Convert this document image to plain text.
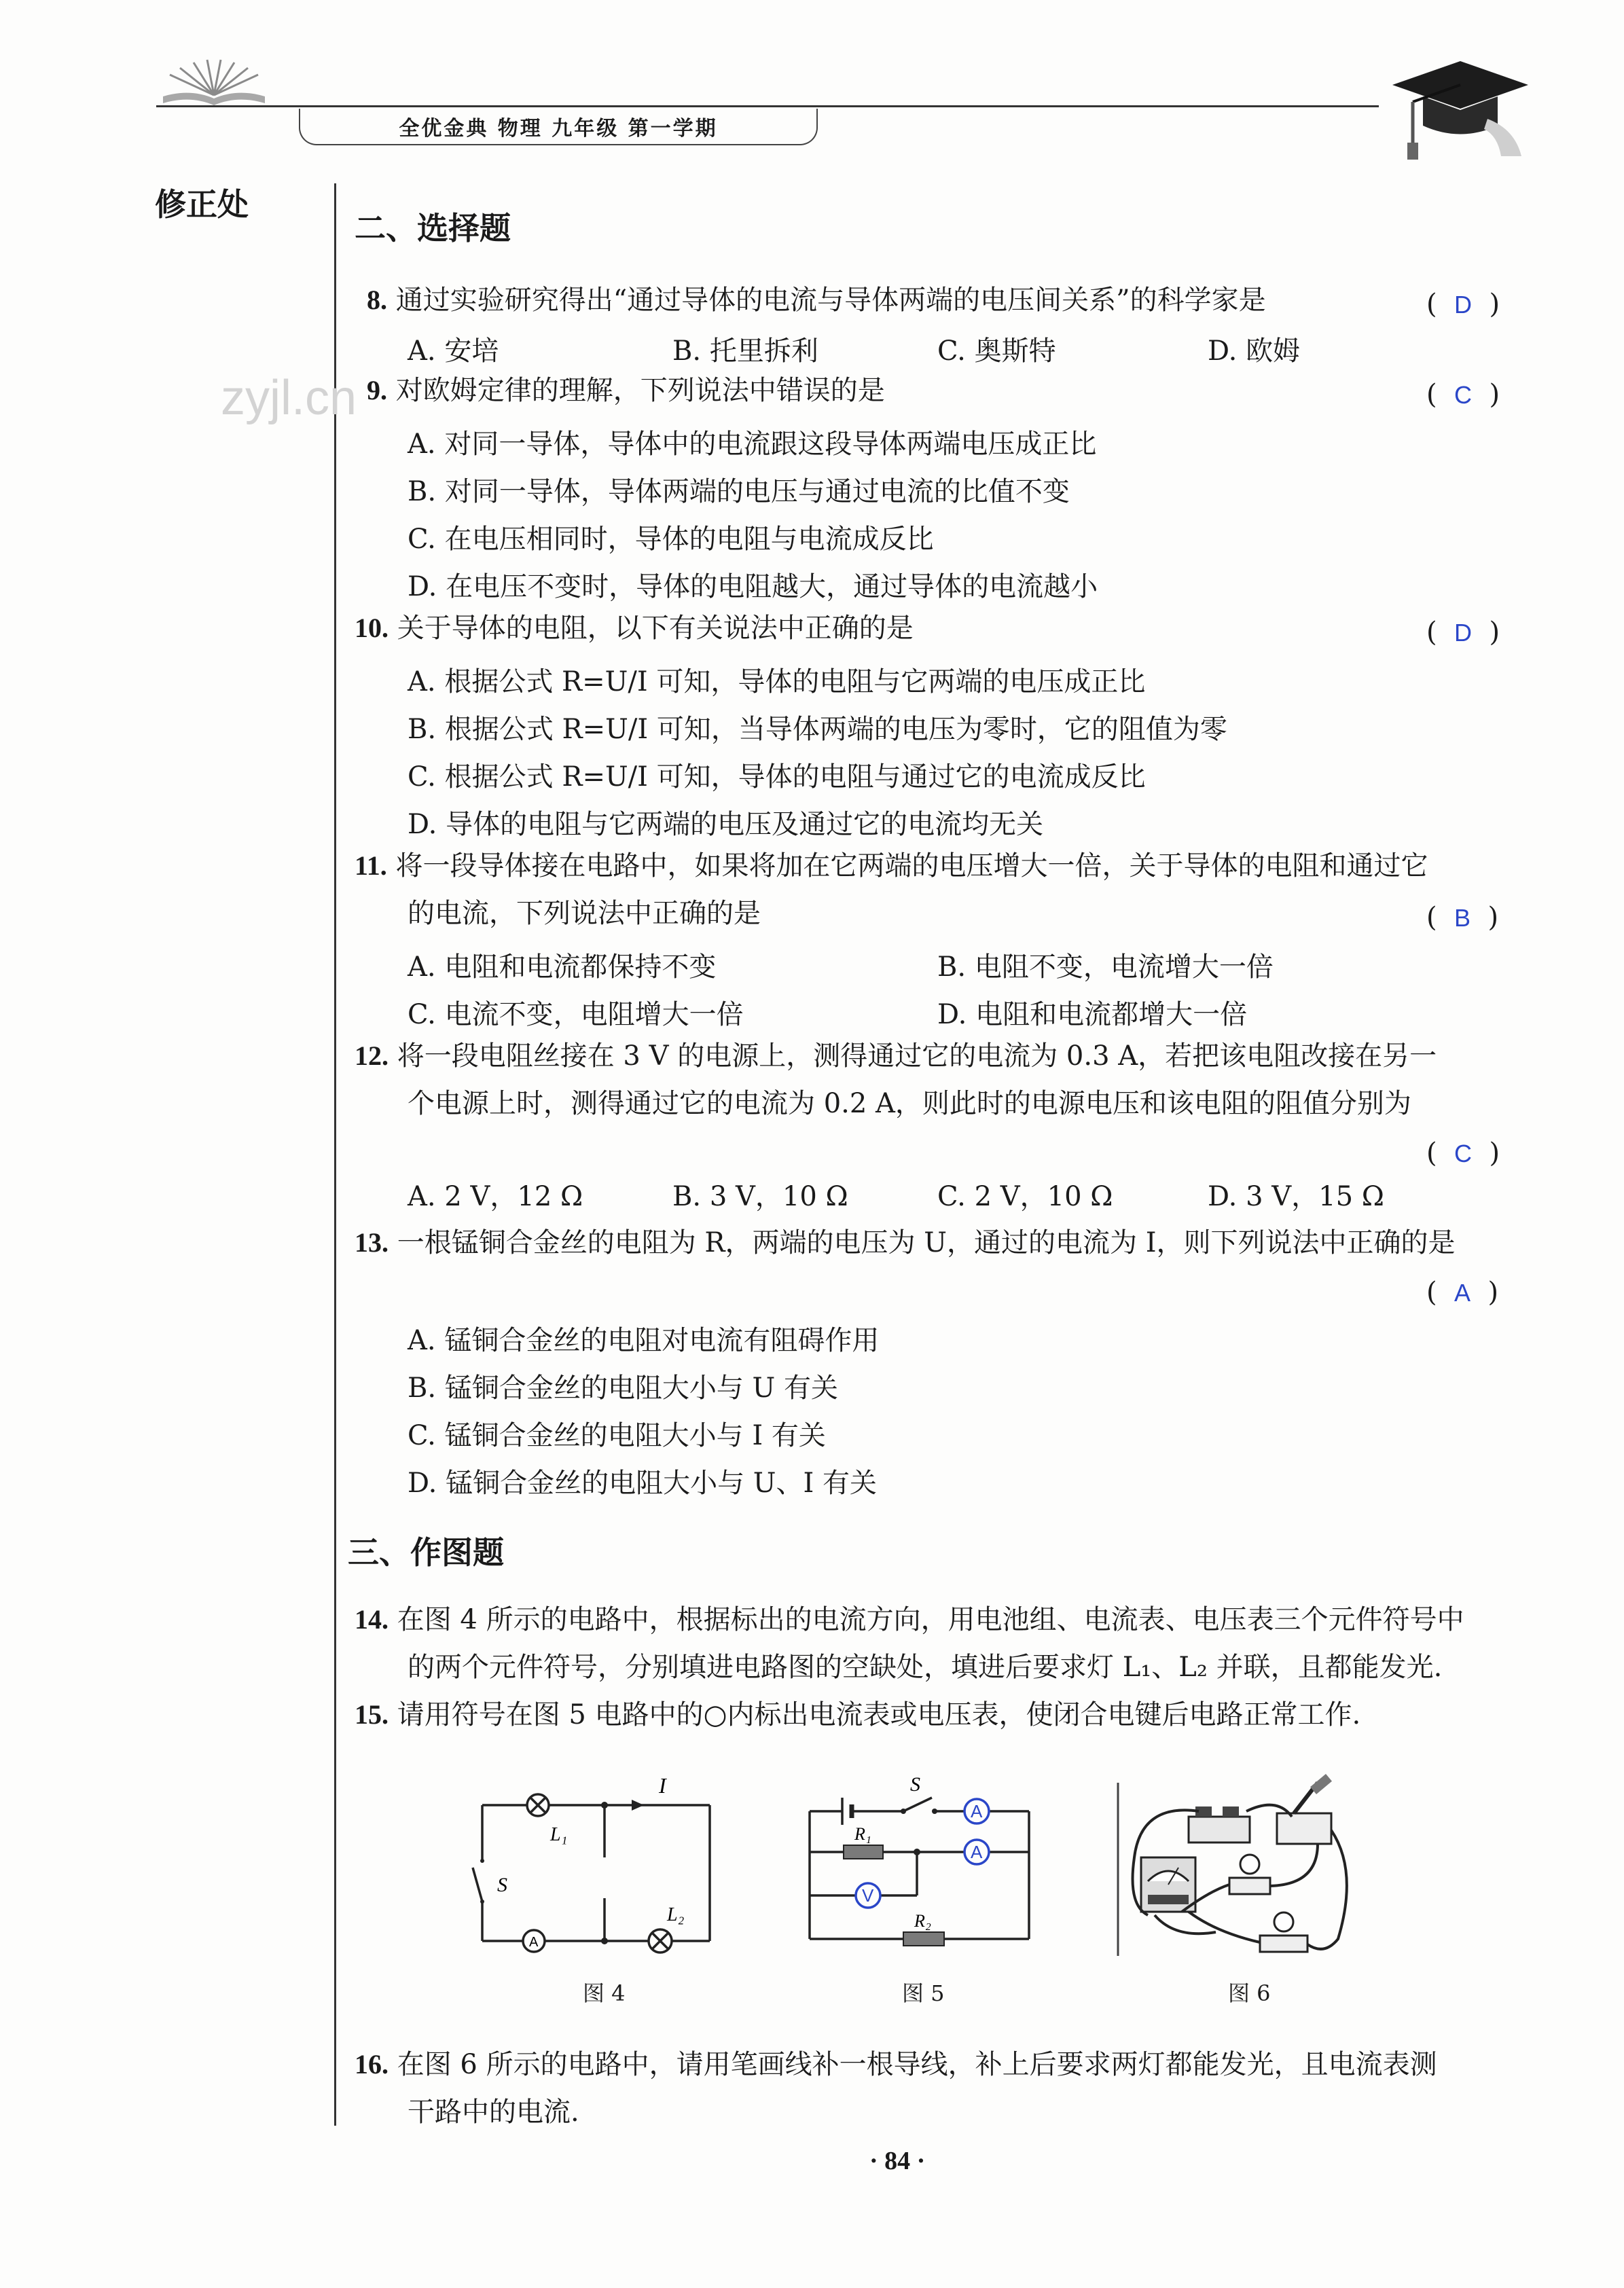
全优金典 物理 九年级 第一学期
修正处
zyjl.cn
二、选择题
8. 通过实验研究得出“通过导体的电流与导体两端的电压间关系”的科学家是	(  D  )
A. 安培	B. 托里拆利	C. 奥斯特	D. 欧姆
9. 对欧姆定律的理解，下列说法中错误的是	(  C  )
A. 对同一导体，导体中的电流跟这段导体两端电压成正比
B. 对同一导体，导体两端的电压与通过电流的比值不变
C. 在电压相同时，导体的电阻与电流成反比
D. 在电压不变时，导体的电阻越大，通过导体的电流越小
10. 关于导体的电阻，以下有关说法中正确的是	(  D  )
A. 根据公式 R=U/I 可知，导体的电阻与它两端的电压成正比
B. 根据公式 R=U/I 可知，当导体两端的电压为零时，它的阻值为零
C. 根据公式 R=U/I 可知，导体的电阻与通过它的电流成反比
D. 导体的电阻与它两端的电压及通过它的电流均无关
11. 将一段导体接在电路中，如果将加在它两端的电压增大一倍，关于导体的电阻和通过它
的电流，下列说法中正确的是	(  B  )
A. 电阻和电流都保持不变	B. 电阻不变，电流增大一倍
C. 电流不变，电阻增大一倍	D. 电阻和电流都增大一倍
12. 将一段电阻丝接在 3 V 的电源上，测得通过它的电流为 0.3 A，若把该电阻改接在另一
个电源上时，测得通过它的电流为 0.2 A，则此时的电源电压和该电阻的阻值分别为
(  C  )
A. 2 V，12 Ω	B. 3 V，10 Ω	C. 2 V，10 Ω	D. 3 V，15 Ω
13. 一根锰铜合金丝的电阻为 R，两端的电压为 U，通过的电流为 I，则下列说法中正确的是
(  A  )
A. 锰铜合金丝的电阻对电流有阻碍作用
B. 锰铜合金丝的电阻大小与 U 有关
C. 锰铜合金丝的电阻大小与 I 有关
D. 锰铜合金丝的电阻大小与 U、I 有关
三、作图题
14. 在图 4 所示的电路中，根据标出的电流方向，用电池组、电流表、电压表三个元件符号中
的两个元件符号，分别填进电路图的空缺处，填进后要求灯 L₁、L₂ 并联，且都能发光.
15. 请用符号在图 5 电路中的○内标出电流表或电压表，使闭合电键后电路正常工作.
I
L₁
L₂
S
A
图 4
S
R₁
R₂
A
A
V
图 5	图 6
16. 在图 6 所示的电路中，请用笔画线补一根导线，补上后要求两灯都能发光，且电流表测
干路中的电流.
· 84 ·
